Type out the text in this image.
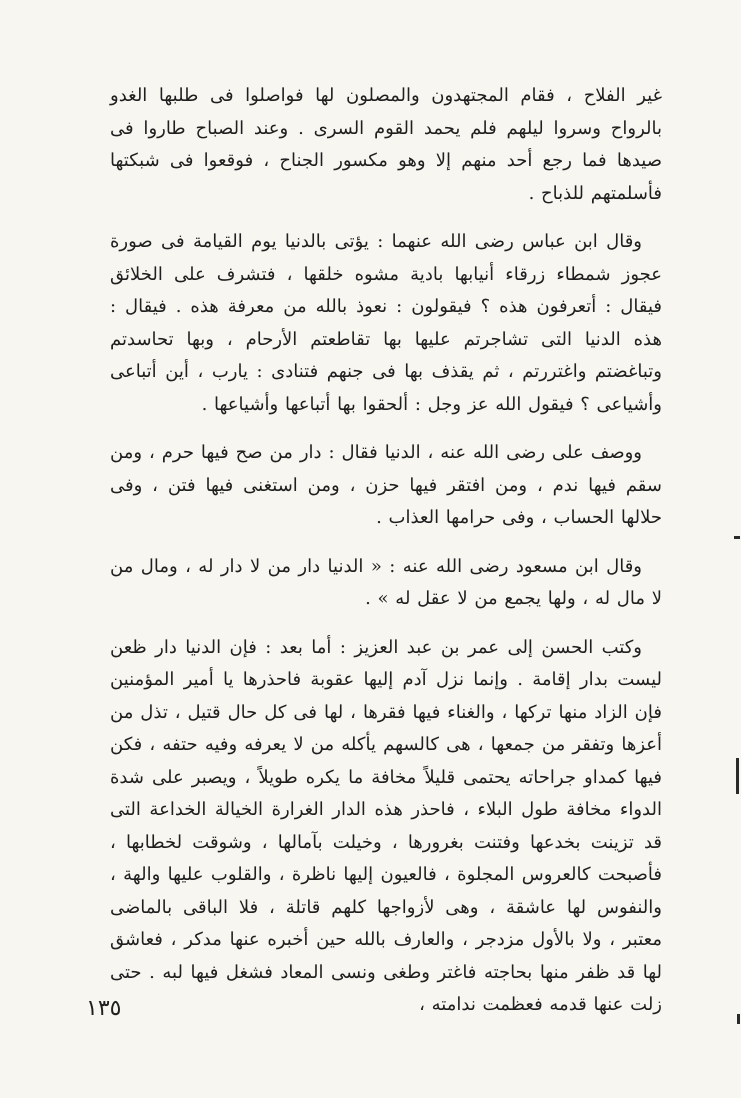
غير الفلاح ، فقام المجتهدون والمصلون لها فواصلوا فى طلبها الغدو بالرواح وسروا ليلهم فلم يحمد القوم السرى . وعند الصباح طاروا فى صيدها فما رجع أحد منهم إلا وهو مكسور الجناح ، فوقعوا فى شبكتها فأسلمتهم للذباح .

وقال ابن عباس رضى الله عنهما : يؤتى بالدنيا يوم القيامة فى صورة عجوز شمطاء زرقاء أنيابها بادية مشوه خلقها ، فتشرف على الخلائق فيقال : أتعرفون هذه ؟ فيقولون : نعوذ بالله من معرفة هذه . فيقال : هذه الدنيا التى تشاجرتم عليها بها تقاطعتم الأرحام ، وبها تحاسدتم وتباغضتم واغتررتم ، ثم يقذف بها فى جنهم فتنادى : يارب ، أين أتباعى وأشياعى ؟ فيقول الله عز وجل : ألحقوا بها أتباعها وأشياعها .

ووصف على رضى الله عنه ، الدنيا فقال : دار من صح فيها حرم ، ومن سقم فيها ندم ، ومن افتقر فيها حزن ، ومن استغنى فيها فتن ، وفى حلالها الحساب ، وفى حرامها العذاب .

وقال ابن مسعود رضى الله عنه : « الدنيا دار من لا دار له ، ومال من لا مال له ، ولها يجمع من لا عقل له » .

وكتب الحسن إلى عمر بن عبد العزيز : أما بعد : فإن الدنيا دار ظعن ليست بدار إقامة . وإنما نزل آدم إليها عقوبة فاحذرها يا أمير المؤمنين فإن الزاد منها تركها ، والغناء فيها فقرها ، لها فى كل حال قتيل ، تذل من أعزها وتفقر من جمعها ، هى كالسهم يأكله من لا يعرفه وفيه حتفه ، فكن فيها كمداو جراحاته يحتمى قليلاً مخافة ما يكره طويلاً ، ويصبر على شدة الدواء مخافة طول البلاء ، فاحذر هذه الدار الغرارة الخيالة الخداعة التى قد تزينت بخدعها وفتنت بغرورها ، وخيلت بآمالها ، وشوقت لخطابها ، فأصبحت كالعروس المجلوة ، فالعيون إليها ناظرة ، والقلوب عليها والهة ، والنفوس لها عاشقة ، وهى لأزواجها كلهم قاتلة ، فلا الباقى بالماضى معتبر ، ولا بالأول مزدجر ، والعارف بالله حين أخبره عنها مدكر ، فعاشق لها قد ظفر منها بحاجته فاغتر وطغى ونسى المعاد فشغل فيها لبه . حتى زلت عنها قدمه فعظمت ندامته ،

١٣٥
